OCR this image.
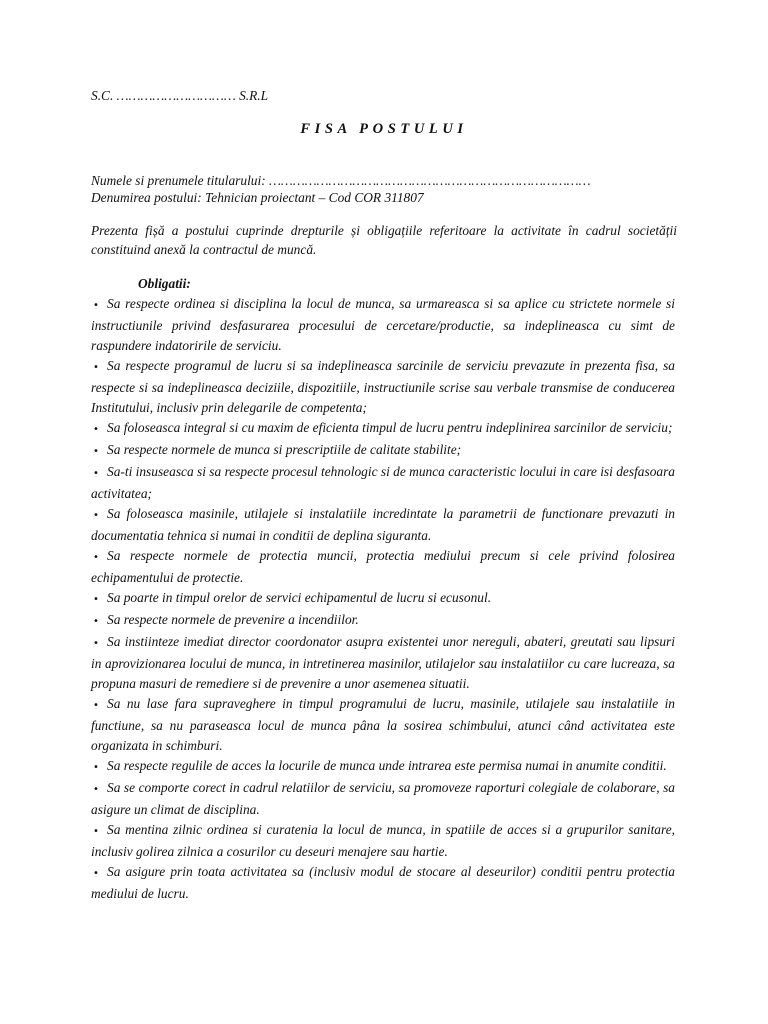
S.C. ………………………… S.R.L
FISA POSTULUI
Numele si prenumele titularului: ………………………………………………………………………
Denumirea postului: Tehnician proiectant – Cod COR 311807
Prezenta fișă a postului cuprinde drepturile și obligațiile referitoare la activitate în cadrul societății constituind anexă la contractul de muncă.
Obligatii:
• Sa respecte ordinea si disciplina la locul de munca, sa urmareasca si sa aplice cu strictete normele si instructiunile privind desfasurarea procesului de cercetare/productie, sa indeplineasca cu simt de raspundere indatoririle de serviciu.
• Sa respecte programul de lucru si sa indeplineasca sarcinile de serviciu prevazute in prezenta fisa, sa respecte si sa indeplineasca deciziile, dispozitiile, instructiunile scrise sau verbale transmise de conducerea Institutului, inclusiv prin delegarile de competenta;
• Sa foloseasca integral si cu maxim de eficienta timpul de lucru pentru indeplinirea sarcinilor de serviciu;
• Sa respecte normele de munca si prescriptiile de calitate stabilite;
• Sa-ti insuseasca si sa respecte procesul tehnologic si de munca caracteristic locului in care isi desfasoara activitatea;
• Sa foloseasca masinile, utilajele si instalatiile incredintate la parametrii de functionare prevazuti in documentatia tehnica si numai in conditii de deplina siguranta.
• Sa respecte normele de protectia muncii, protectia mediului precum si cele privind folosirea echipamentului de protectie.
• Sa poarte in timpul orelor de servici echipamentul de lucru si ecusonul.
• Sa respecte normele de prevenire a incendiilor.
• Sa instiinteze imediat director coordonator asupra existentei unor nereguli, abateri, greutati sau lipsuri in aprovizionarea locului de munca, in intretinerea masinilor, utilajelor sau instalatiilor cu care lucreaza, sa propuna masuri de remediere si de prevenire a unor asemenea situatii.
• Sa nu lase fara supraveghere in timpul programului de lucru, masinile, utilajele sau instalatiile in functiune, sa nu paraseasca locul de munca pâna la sosirea schimbului, atunci când activitatea este organizata in schimburi.
• Sa respecte regulile de acces la locurile de munca unde intrarea este permisa numai in anumite conditii.
• Sa se comporte corect in cadrul relatiilor de serviciu, sa promoveze raporturi colegiale de colaborare, sa asigure un climat de disciplina.
• Sa mentina zilnic ordinea si curatenia la locul de munca, in spatiile de acces si a grupurilor sanitare, inclusiv golirea zilnica a cosurilor cu deseuri menajere sau hartie.
• Sa asigure prin toata activitatea sa (inclusiv modul de stocare al deseurilor) conditii pentru protectia mediului de lucru.
